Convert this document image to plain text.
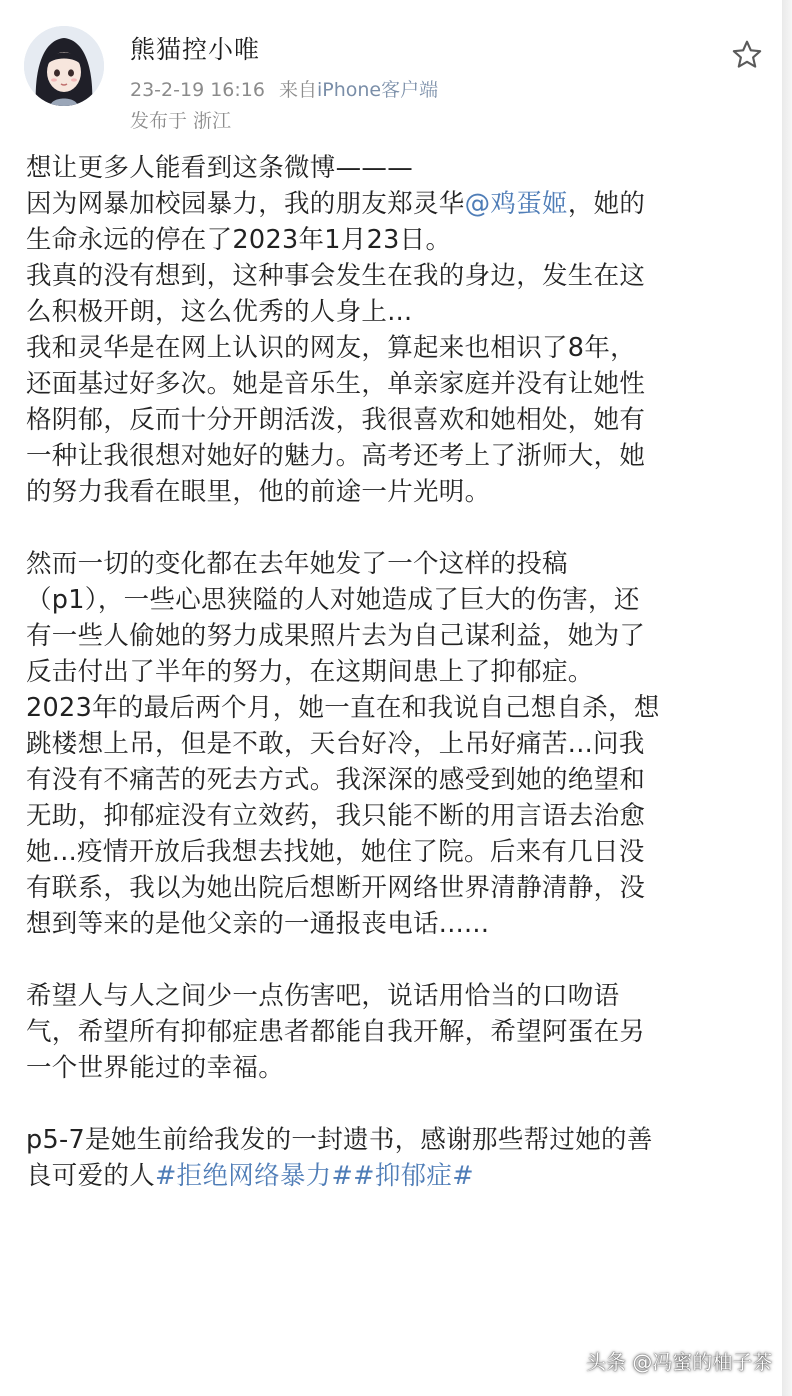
熊猫控小唯
23-2-19 16:16 来自iPhone客户端
发布于 浙江
想让更多人能看到这条微博———
因为网暴加校园暴力，我的朋友郑灵华@鸡蛋姬，她的
生命永远的停在了2023年1月23日。
我真的没有想到，这种事会发生在我的身边，发生在这
么积极开朗，这么优秀的人身上...
我和灵华是在网上认识的网友，算起来也相识了8年，
还面基过好多次。她是音乐生，单亲家庭并没有让她性
格阴郁，反而十分开朗活泼，我很喜欢和她相处，她有
一种让我很想对她好的魅力。高考还考上了浙师大，她
的努力我看在眼里，他的前途一片光明。
然而一切的变化都在去年她发了一个这样的投稿
（p1），一些心思狭隘的人对她造成了巨大的伤害，还
有一些人偷她的努力成果照片去为自己谋利益，她为了
反击付出了半年的努力，在这期间患上了抑郁症。
2023年的最后两个月，她一直在和我说自己想自杀，想
跳楼想上吊，但是不敢，天台好冷，上吊好痛苦...问我
有没有不痛苦的死去方式。我深深的感受到她的绝望和
无助，抑郁症没有立效药，我只能不断的用言语去治愈
她...疫情开放后我想去找她，她住了院。后来有几日没
有联系，我以为她出院后想断开网络世界清静清静，没
想到等来的是他父亲的一通报丧电话......
希望人与人之间少一点伤害吧，说话用恰当的口吻语
气，希望所有抑郁症患者都能自我开解，希望阿蛋在另
一个世界能过的幸福。
p5-7是她生前给我发的一封遗书，感谢那些帮过她的善
良可爱的人#拒绝网络暴力##抑郁症#
头条 @冯蜜的柚子茶
